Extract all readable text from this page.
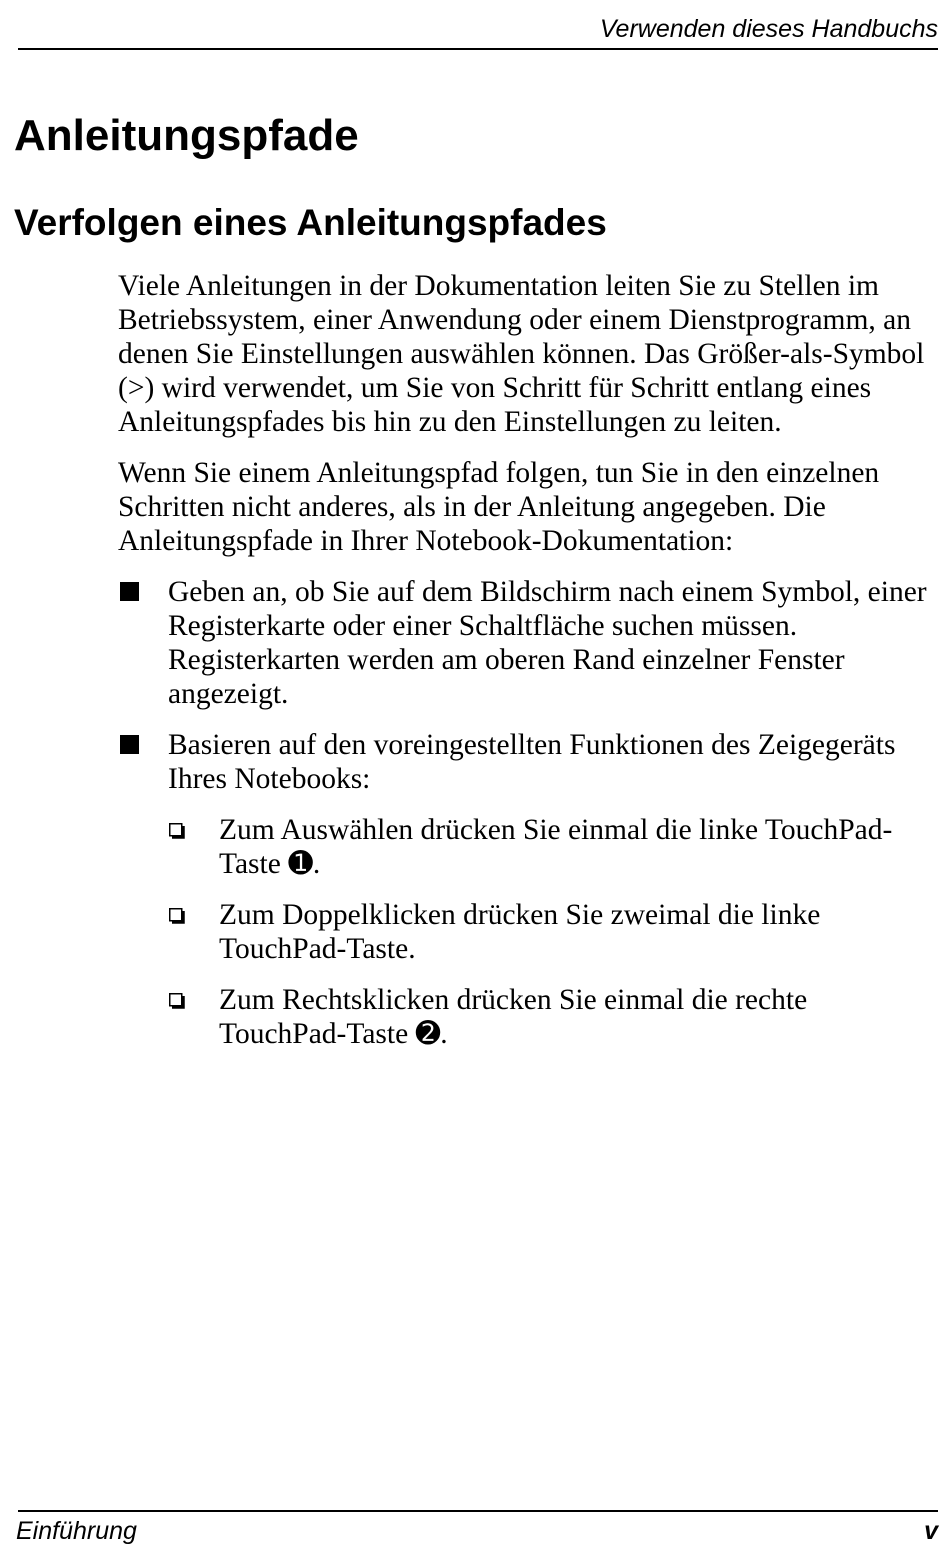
Verwenden dieses Handbuchs
Anleitungspfade
Verfolgen eines Anleitungspfades

Viele Anleitungen in der Dokumentation leiten Sie zu Stellen im Betriebssystem, einer Anwendung oder einem Dienstprogramm, an denen Sie Einstellungen auswählen können. Das Größer-als-Symbol (>) wird verwendet, um Sie von Schritt für Schritt entlang eines Anleitungspfades bis hin zu den Einstellungen zu leiten.

Wenn Sie einem Anleitungspfad folgen, tun Sie in den einzelnen Schritten nicht anderes, als in der Anleitung angegeben. Die Anleitungspfade in Ihrer Notebook-Dokumentation:

Geben an, ob Sie auf dem Bildschirm nach einem Symbol, einer Registerkarte oder einer Schaltfläche suchen müssen. Registerkarten werden am oberen Rand einzelner Fenster angezeigt.
Basieren auf den voreingestellten Funktionen des Zeigegeräts Ihres Notebooks:
Zum Auswählen drücken Sie einmal die linke TouchPad-Taste ➊.
Zum Doppelklicken drücken Sie zweimal die linke TouchPad-Taste.
Zum Rechtsklicken drücken Sie einmal die rechte TouchPad-Taste ➋.
Einführung	v
